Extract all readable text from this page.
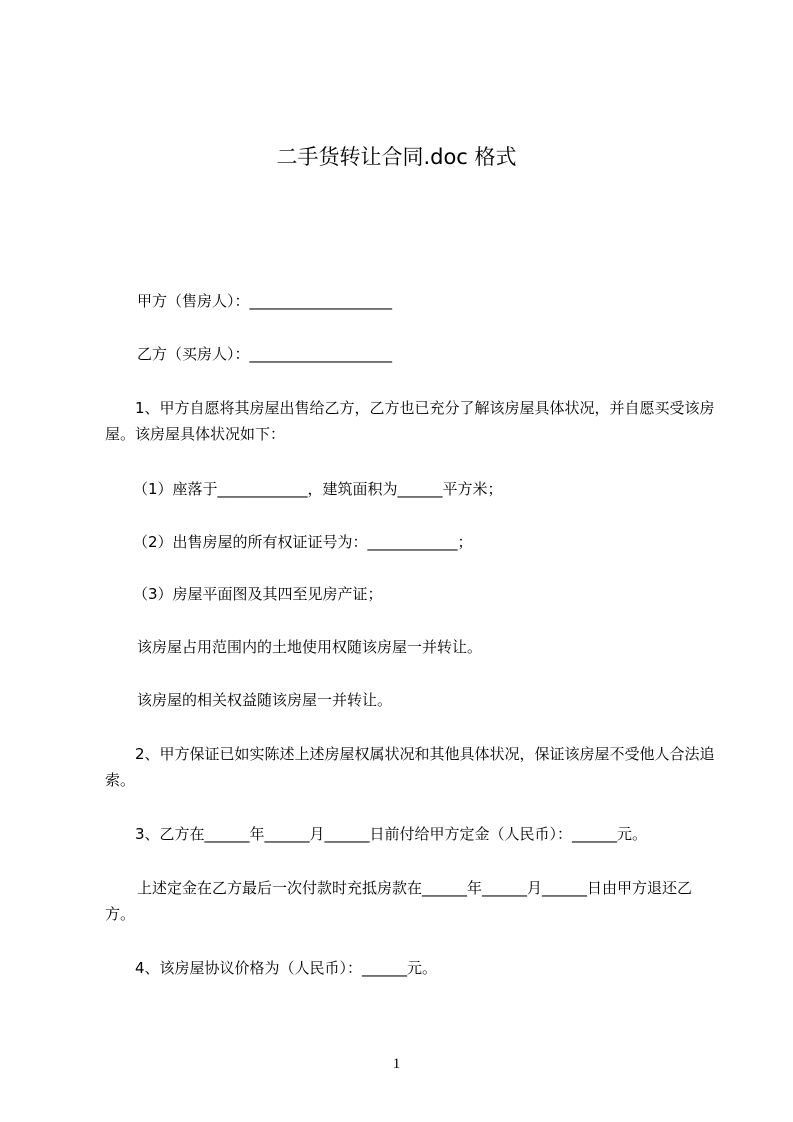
二手货转让合同.doc 格式
甲方（售房人）：___________________
乙方（买房人）：___________________
1、甲方自愿将其房屋出售给乙方，乙方也已充分了解该房屋具体状况，并自愿买受该房屋。该房屋具体状况如下：
（1）座落于____________，建筑面积为______平方米；
（2）出售房屋的所有权证证号为：____________；
（3）房屋平面图及其四至见房产证；
该房屋占用范围内的土地使用权随该房屋一并转让。
该房屋的相关权益随该房屋一并转让。
2、甲方保证已如实陈述上述房屋权属状况和其他具体状况，保证该房屋不受他人合法追索。
3、乙方在______年______月______日前付给甲方定金（人民币）：______元。
上述定金在乙方最后一次付款时充抵房款在______年______月______日由甲方退还乙方。
4、该房屋协议价格为（人民币）：______元。
1
